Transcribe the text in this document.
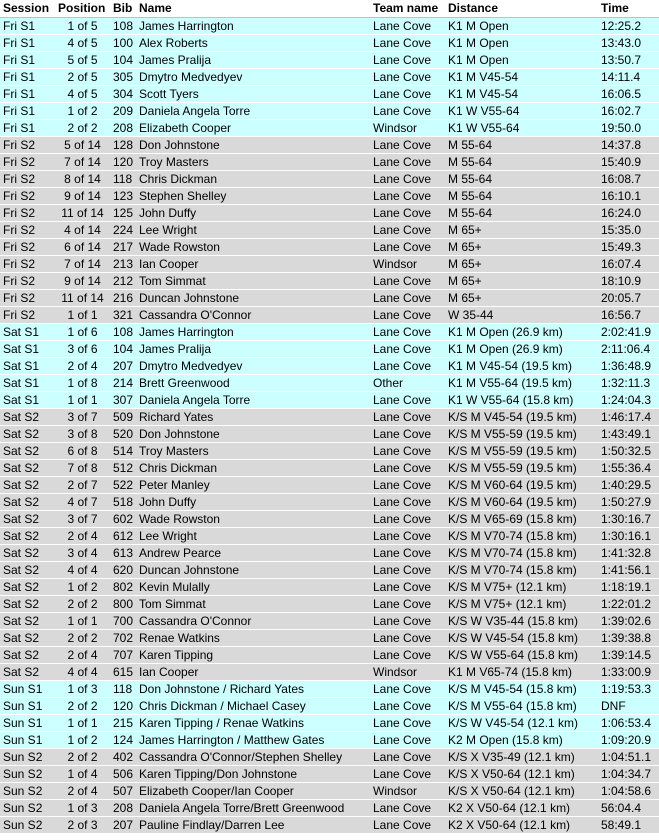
Session	Position	Bib	Name	Team name	Distance	Time
Fri S1	1 of 5	108	James Harrington	Lane Cove	K1 M Open	12:25.2
Fri S1	4 of 5	100	Alex Roberts	Lane Cove	K1 M Open	13:43.0
Fri S1	5 of 5	104	James Pralija	Lane Cove	K1 M Open	13:50.7
Fri S1	2 of 5	305	Dmytro Medvedyev	Lane Cove	K1 M V45-54	14:11.4
Fri S1	4 of 5	304	Scott Tyers	Lane Cove	K1 M V45-54	16:06.5
Fri S1	1 of 2	209	Daniela Angela Torre	Lane Cove	K1 W V55-64	16:02.7
Fri S1	2 of 2	208	Elizabeth Cooper	Windsor	K1 W V55-64	19:50.0
Fri S2	5 of 14	128	Don Johnstone	Lane Cove	M 55-64	14:37.8
Fri S2	7 of 14	120	Troy Masters	Lane Cove	M 55-64	15:40.9
Fri S2	8 of 14	118	Chris Dickman	Lane Cove	M 55-64	16:08.7
Fri S2	9 of 14	123	Stephen Shelley	Lane Cove	M 55-64	16:10.1
Fri S2	11 of 14	125	John Duffy	Lane Cove	M 55-64	16:24.0
Fri S2	4 of 14	224	Lee Wright	Lane Cove	M 65+	15:35.0
Fri S2	6 of 14	217	Wade Rowston	Lane Cove	M 65+	15:49.3
Fri S2	7 of 14	213	Ian Cooper	Windsor	M 65+	16:07.4
Fri S2	9 of 14	212	Tom Simmat	Lane Cove	M 65+	18:10.9
Fri S2	11 of 14	216	Duncan Johnstone	Lane Cove	M 65+	20:05.7
Fri S2	1 of 1	321	Cassandra O'Connor	Lane Cove	W 35-44	16:56.7
Sat S1	1 of 6	108	James Harrington	Lane Cove	K1 M Open (26.9 km)	2:02:41.9
Sat S1	3 of 6	104	James Pralija	Lane Cove	K1 M Open (26.9 km)	2:11:06.4
Sat S1	2 of 4	207	Dmytro Medvedyev	Lane Cove	K1 M V45-54 (19.5 km)	1:36:48.9
Sat S1	1 of 8	214	Brett Greenwood	Other	K1 M V55-64 (19.5 km)	1:32:11.3
Sat S1	1 of 1	307	Daniela Angela Torre	Lane Cove	K1 W V55-64 (15.8 km)	1:24:04.3
Sat S2	3 of 7	509	Richard Yates	Lane Cove	K/S M V45-54 (19.5 km)	1:46:17.4
Sat S2	3 of 8	520	Don Johnstone	Lane Cove	K/S M V55-59 (19.5 km)	1:43:49.1
Sat S2	6 of 8	514	Troy Masters	Lane Cove	K/S M V55-59 (19.5 km)	1:50:32.5
Sat S2	7 of 8	512	Chris Dickman	Lane Cove	K/S M V55-59 (19.5 km)	1:55:36.4
Sat S2	2 of 7	522	Peter Manley	Lane Cove	K/S M V60-64 (19.5 km)	1:40:29.5
Sat S2	4 of 7	518	John Duffy	Lane Cove	K/S M V60-64 (19.5 km)	1:50:27.9
Sat S2	3 of 7	602	Wade Rowston	Lane Cove	K/S M V65-69 (15.8 km)	1:30:16.7
Sat S2	2 of 4	612	Lee Wright	Lane Cove	K/S M V70-74 (15.8 km)	1:30:16.1
Sat S2	3 of 4	613	Andrew Pearce	Lane Cove	K/S M V70-74 (15.8 km)	1:41:32.8
Sat S2	4 of 4	620	Duncan Johnstone	Lane Cove	K/S M V70-74 (15.8 km)	1:41:56.1
Sat S2	1 of 2	802	Kevin Mulally	Lane Cove	K/S M V75+ (12.1 km)	1:18:19.1
Sat S2	2 of 2	800	Tom Simmat	Lane Cove	K/S M V75+ (12.1 km)	1:22:01.2
Sat S2	1 of 1	700	Cassandra O'Connor	Lane Cove	K/S W V35-44 (15.8 km)	1:39:02.6
Sat S2	2 of 2	702	Renae Watkins	Lane Cove	K/S W V45-54 (15.8 km)	1:39:38.8
Sat S2	2 of 4	707	Karen Tipping	Lane Cove	K/S W V55-64 (15.8 km)	1:39:14.5
Sat S2	4 of 4	615	Ian Cooper	Windsor	K1 M V65-74 (15.8 km)	1:33:00.9
Sun S1	1 of 3	118	Don Johnstone / Richard Yates	Lane Cove	K/S M V45-54 (15.8 km)	1:19:53.3
Sun S1	2 of 2	120	Chris Dickman / Michael Casey	Lane Cove	K/S M V55-64 (15.8 km)	DNF
Sun S1	1 of 1	215	Karen Tipping / Renae Watkins	Lane Cove	K/S W V45-54 (12.1 km)	1:06:53.4
Sun S1	1 of 2	124	James Harrington / Matthew Gates	Lane Cove	K2 M Open (15.8 km)	1:09:20.9
Sun S2	2 of 2	402	Cassandra O'Connor/Stephen Shelley	Lane Cove	K/S X V35-49 (12.1 km)	1:04:51.1
Sun S2	1 of 4	506	Karen Tipping/Don Johnstone	Lane Cove	K/S X V50-64 (12.1 km)	1:04:34.7
Sun S2	2 of 4	507	Elizabeth Cooper/Ian Cooper	Windsor	K/S X V50-64 (12.1 km)	1:04:58.6
Sun S2	1 of 3	208	Daniela Angela Torre/Brett Greenwood	Lane Cove	K2 X V50-64 (12.1 km)	56:04.4
Sun S2	2 of 3	207	Pauline Findlay/Darren Lee	Lane Cove	K2 X V50-64 (12.1 km)	58:49.1
